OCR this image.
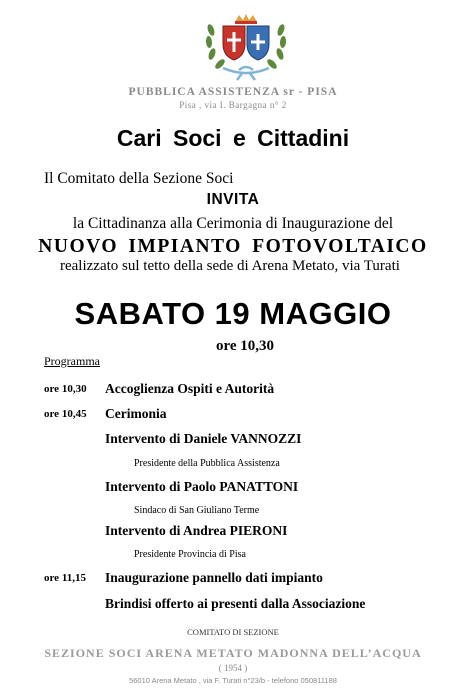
PUBBLICA ASSISTENZA sr - PISA
Pisa , via I. Bargagna n° 2
Cari Soci e Cittadini
Il Comitato della Sezione Soci
INVITA
la Cittadinanza alla Cerimonia di Inaugurazione del
NUOVO IMPIANTO FOTOVOLTAICO
realizzato sul tetto della sede di Arena Metato, via Turati
SABATO 19 MAGGIO
ore 10,30
Programma
ore 10,30 Accoglienza Ospiti e Autorità
ore 10,45 Cerimonia
Intervento di Daniele VANNOZZI
Presidente della Pubblica Assistenza
Intervento di Paolo PANATTONI
Sindaco di San Giuliano Terme
Intervento di Andrea PIERONI
Presidente Provincia di Pisa
ore 11,15 Inaugurazione pannello dati impianto
Brindisi offerto ai presenti dalla Associazione
COMITATO DI SEZIONE
SEZIONE SOCI ARENA METATO MADONNA DELL’ACQUA
( 1954 )
56010 Arena Metato , via F. Turati n°23/b - telefono 050811188
